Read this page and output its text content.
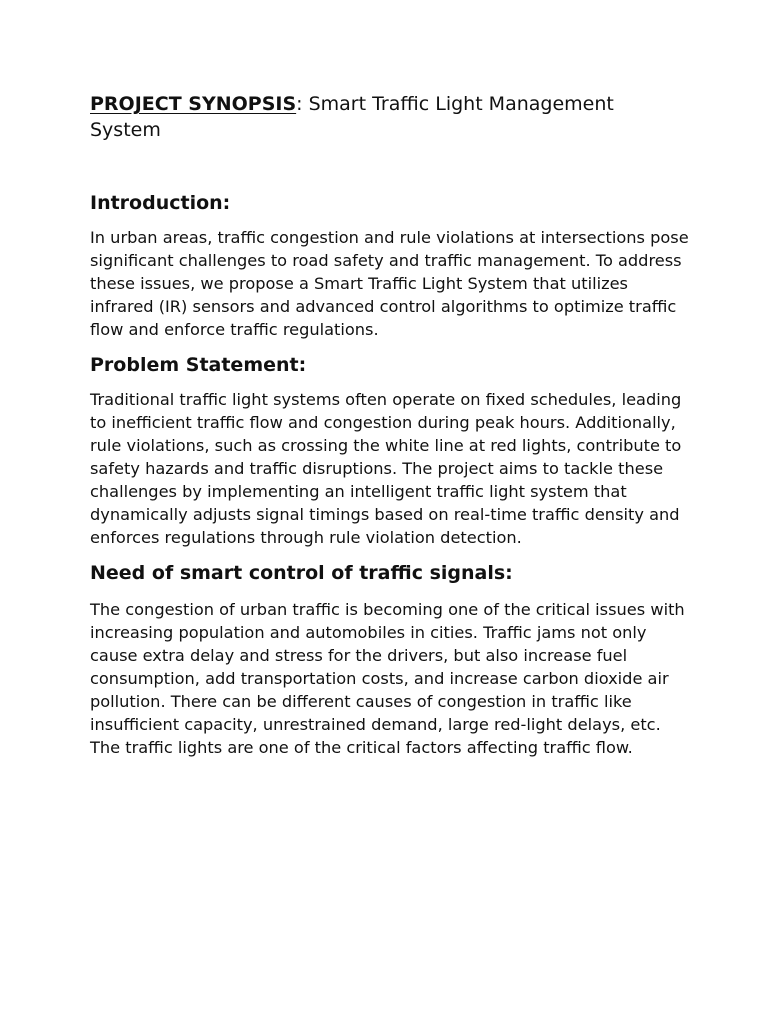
PROJECT SYNOPSIS: Smart Traffic Light Management System

Introduction:

In urban areas, traffic congestion and rule violations at intersections pose significant challenges to road safety and traffic management. To address these issues, we propose a Smart Traffic Light System that utilizes infrared (IR) sensors and advanced control algorithms to optimize traffic flow and enforce traffic regulations.

Problem Statement:

Traditional traffic light systems often operate on fixed schedules, leading to inefficient traffic flow and congestion during peak hours. Additionally, rule violations, such as crossing the white line at red lights, contribute to safety hazards and traffic disruptions. The project aims to tackle these challenges by implementing an intelligent traffic light system that dynamically adjusts signal timings based on real-time traffic density and enforces regulations through rule violation detection.

Need of smart control of traffic signals:

The congestion of urban traffic is becoming one of the critical issues with increasing population and automobiles in cities. Traffic jams not only cause extra delay and stress for the drivers, but also increase fuel consumption, add transportation costs, and increase carbon dioxide air pollution. There can be different causes of congestion in traffic like insufficient capacity, unrestrained demand, large red-light delays, etc. The traffic lights are one of the critical factors affecting traffic flow.
